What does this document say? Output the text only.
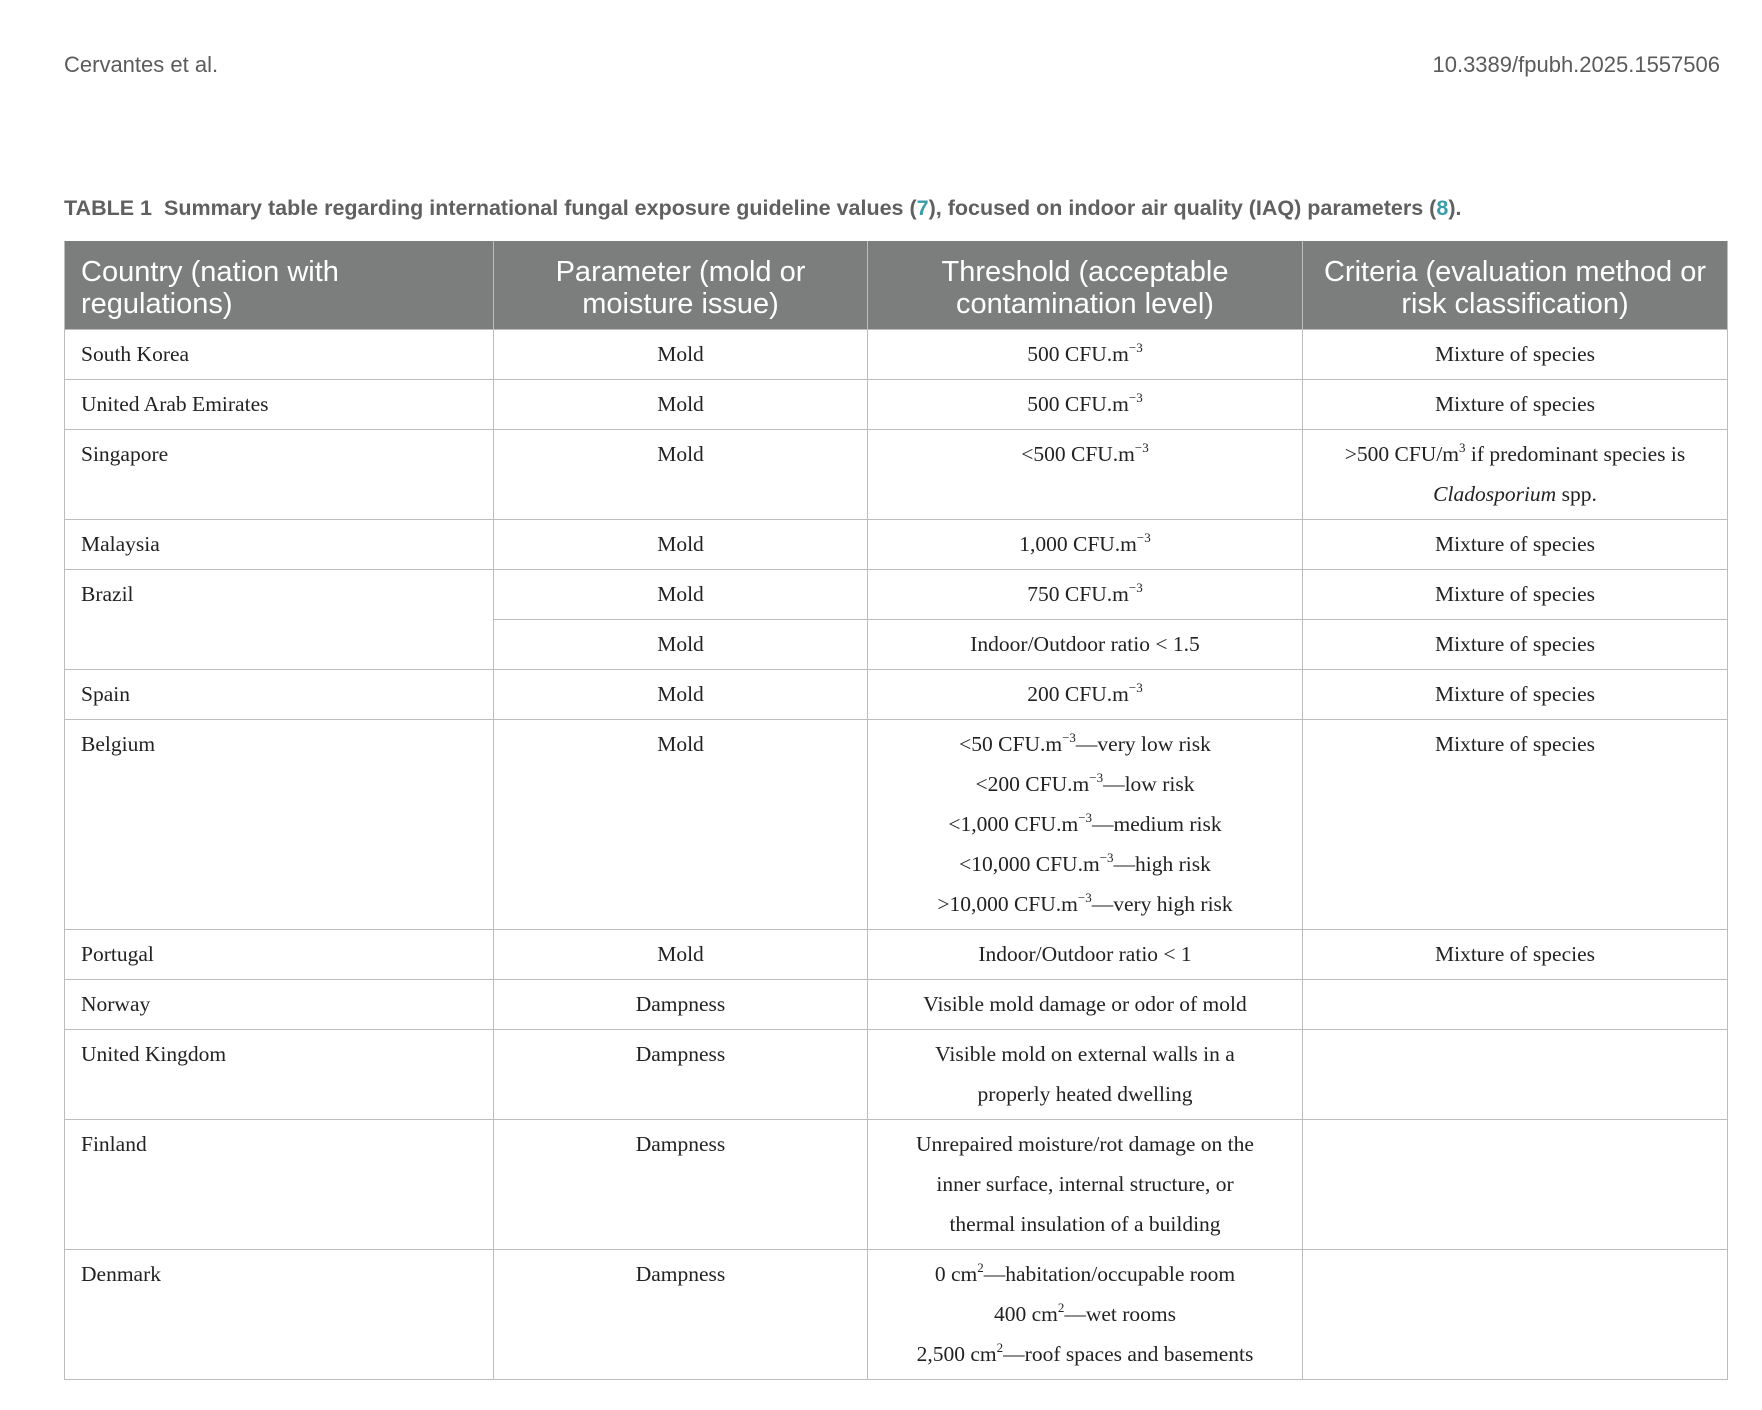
Cervantes et al.	10.3389/fpubh.2025.1557506
TABLE 1 Summary table regarding international fungal exposure guideline values (7), focused on indoor air quality (IAQ) parameters (8).
Country (nation with regulations)	Parameter (mold or moisture issue)	Threshold (acceptable contamination level)	Criteria (evaluation method or risk classification)
South Korea	Mold	500 $CFU.m^{-3}$	Mixture of species
United Arab Emirates	Mold	500 $CFU.m^{-3}$	Mixture of species
Singapore	Mold	<500 $CFU.m^{-3}$	>500 CFU/$m^3$ if predominant species is
Cladosporium spp.

Malaysia	Mold	1,000 $CFU.m^{-3}$	Mixture of species
Brazil	Mold	750 $CFU.m^{-3}$	Mixture of species
	Mold	Indoor/Outdoor ratio < 1.5	Mixture of species
Spain	Mold	200 $CFU.m^{-3}$	Mixture of species
Belgium	Mold	<50 $CFU.m^{-3}—very$ low risk
<200 $CFU.m^{-3}—low$ risk
<1,000 $CFU.m^{-3}—medium$ risk
<10,000 $CFU.m^{-3}—high$ risk
>10,000 $CFU.m^{-3}—very$ high risk	Mixture of species
Portugal	Mold	Indoor/Outdoor ratio < 1	Mixture of species
Norway	Dampness	Visible mold damage or odor of mold	
United Kingdom	Dampness	Visible mold on external walls in a
properly heated dwelling	

Finland	Dampness	Unrepaired moisture/rot damage on the
inner surface, internal structure, or
thermal insulation of a building	

Denmark	Dampness	0 $cm^2—habitation$/occupable room
400 $cm^2—wet$ rooms
2,500 $cm^2—roof$ spaces and basements	
